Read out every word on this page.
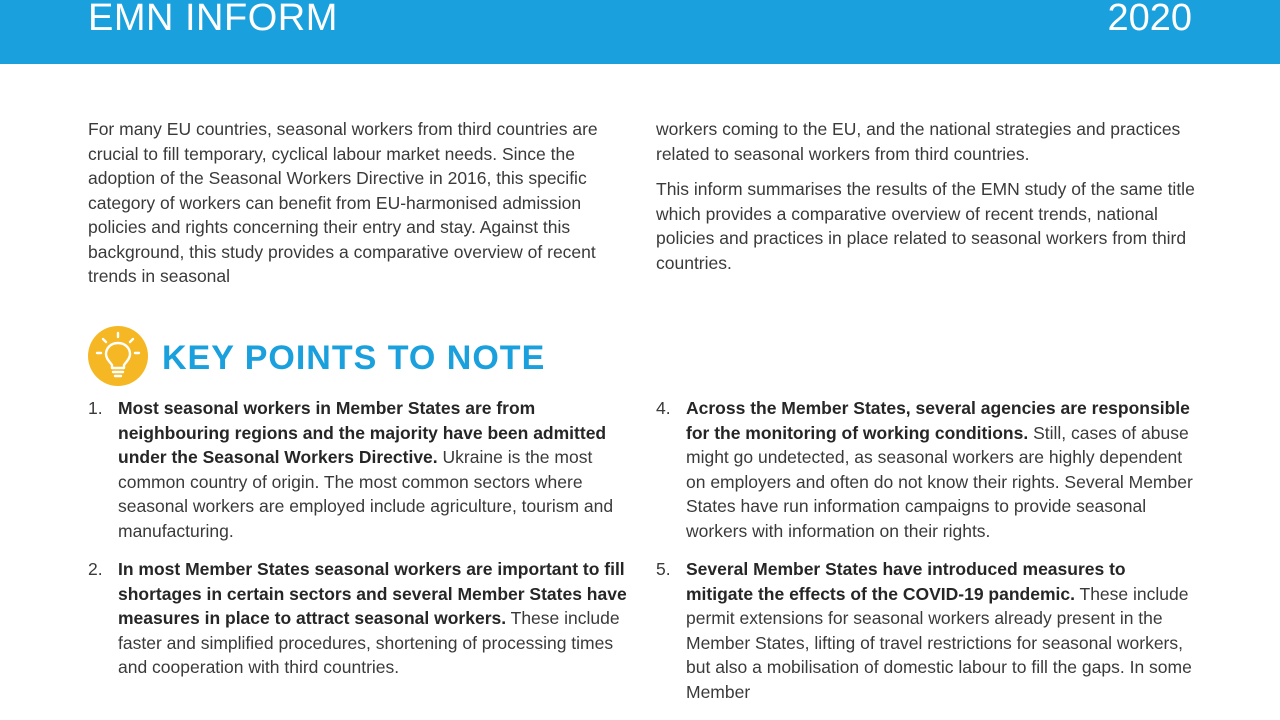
EMN INFORM	2020

For many EU countries, seasonal workers from third countries are crucial to fill temporary, cyclical labour market needs. Since the adoption of the Seasonal Workers Directive in 2016, this specific category of workers can benefit from EU-harmonised admission policies and rights concerning their entry and stay. Against this background, this study provides a comparative overview of recent trends in seasonal

workers coming to the EU, and the national strategies and practices related to seasonal workers from third countries.

This inform summarises the results of the EMN study of the same title which provides a comparative overview of recent trends, national policies and practices in place related to seasonal workers from third countries.

KEY POINTS TO NOTE
1. Most seasonal workers in Member States are from neighbouring regions and the majority have been admitted under the Seasonal Workers Directive. Ukraine is the most common country of origin. The most common sectors where seasonal workers are employed include agriculture, tourism and manufacturing.
2. In most Member States seasonal workers are important to fill shortages in certain sectors and several Member States have measures in place to attract seasonal workers. These include faster and simplified procedures, shortening of processing times and cooperation with third countries.
4. Across the Member States, several agencies are responsible for the monitoring of working conditions. Still, cases of abuse might go undetected, as seasonal workers are highly dependent on employers and often do not know their rights. Several Member States have run information campaigns to provide seasonal workers with information on their rights.
5. Several Member States have introduced measures to mitigate the effects of the COVID-19 pandemic. These include permit extensions for seasonal workers already present in the Member States, lifting of travel restrictions for seasonal workers, but also a mobilisation of domestic labour to fill the gaps. In some Member
